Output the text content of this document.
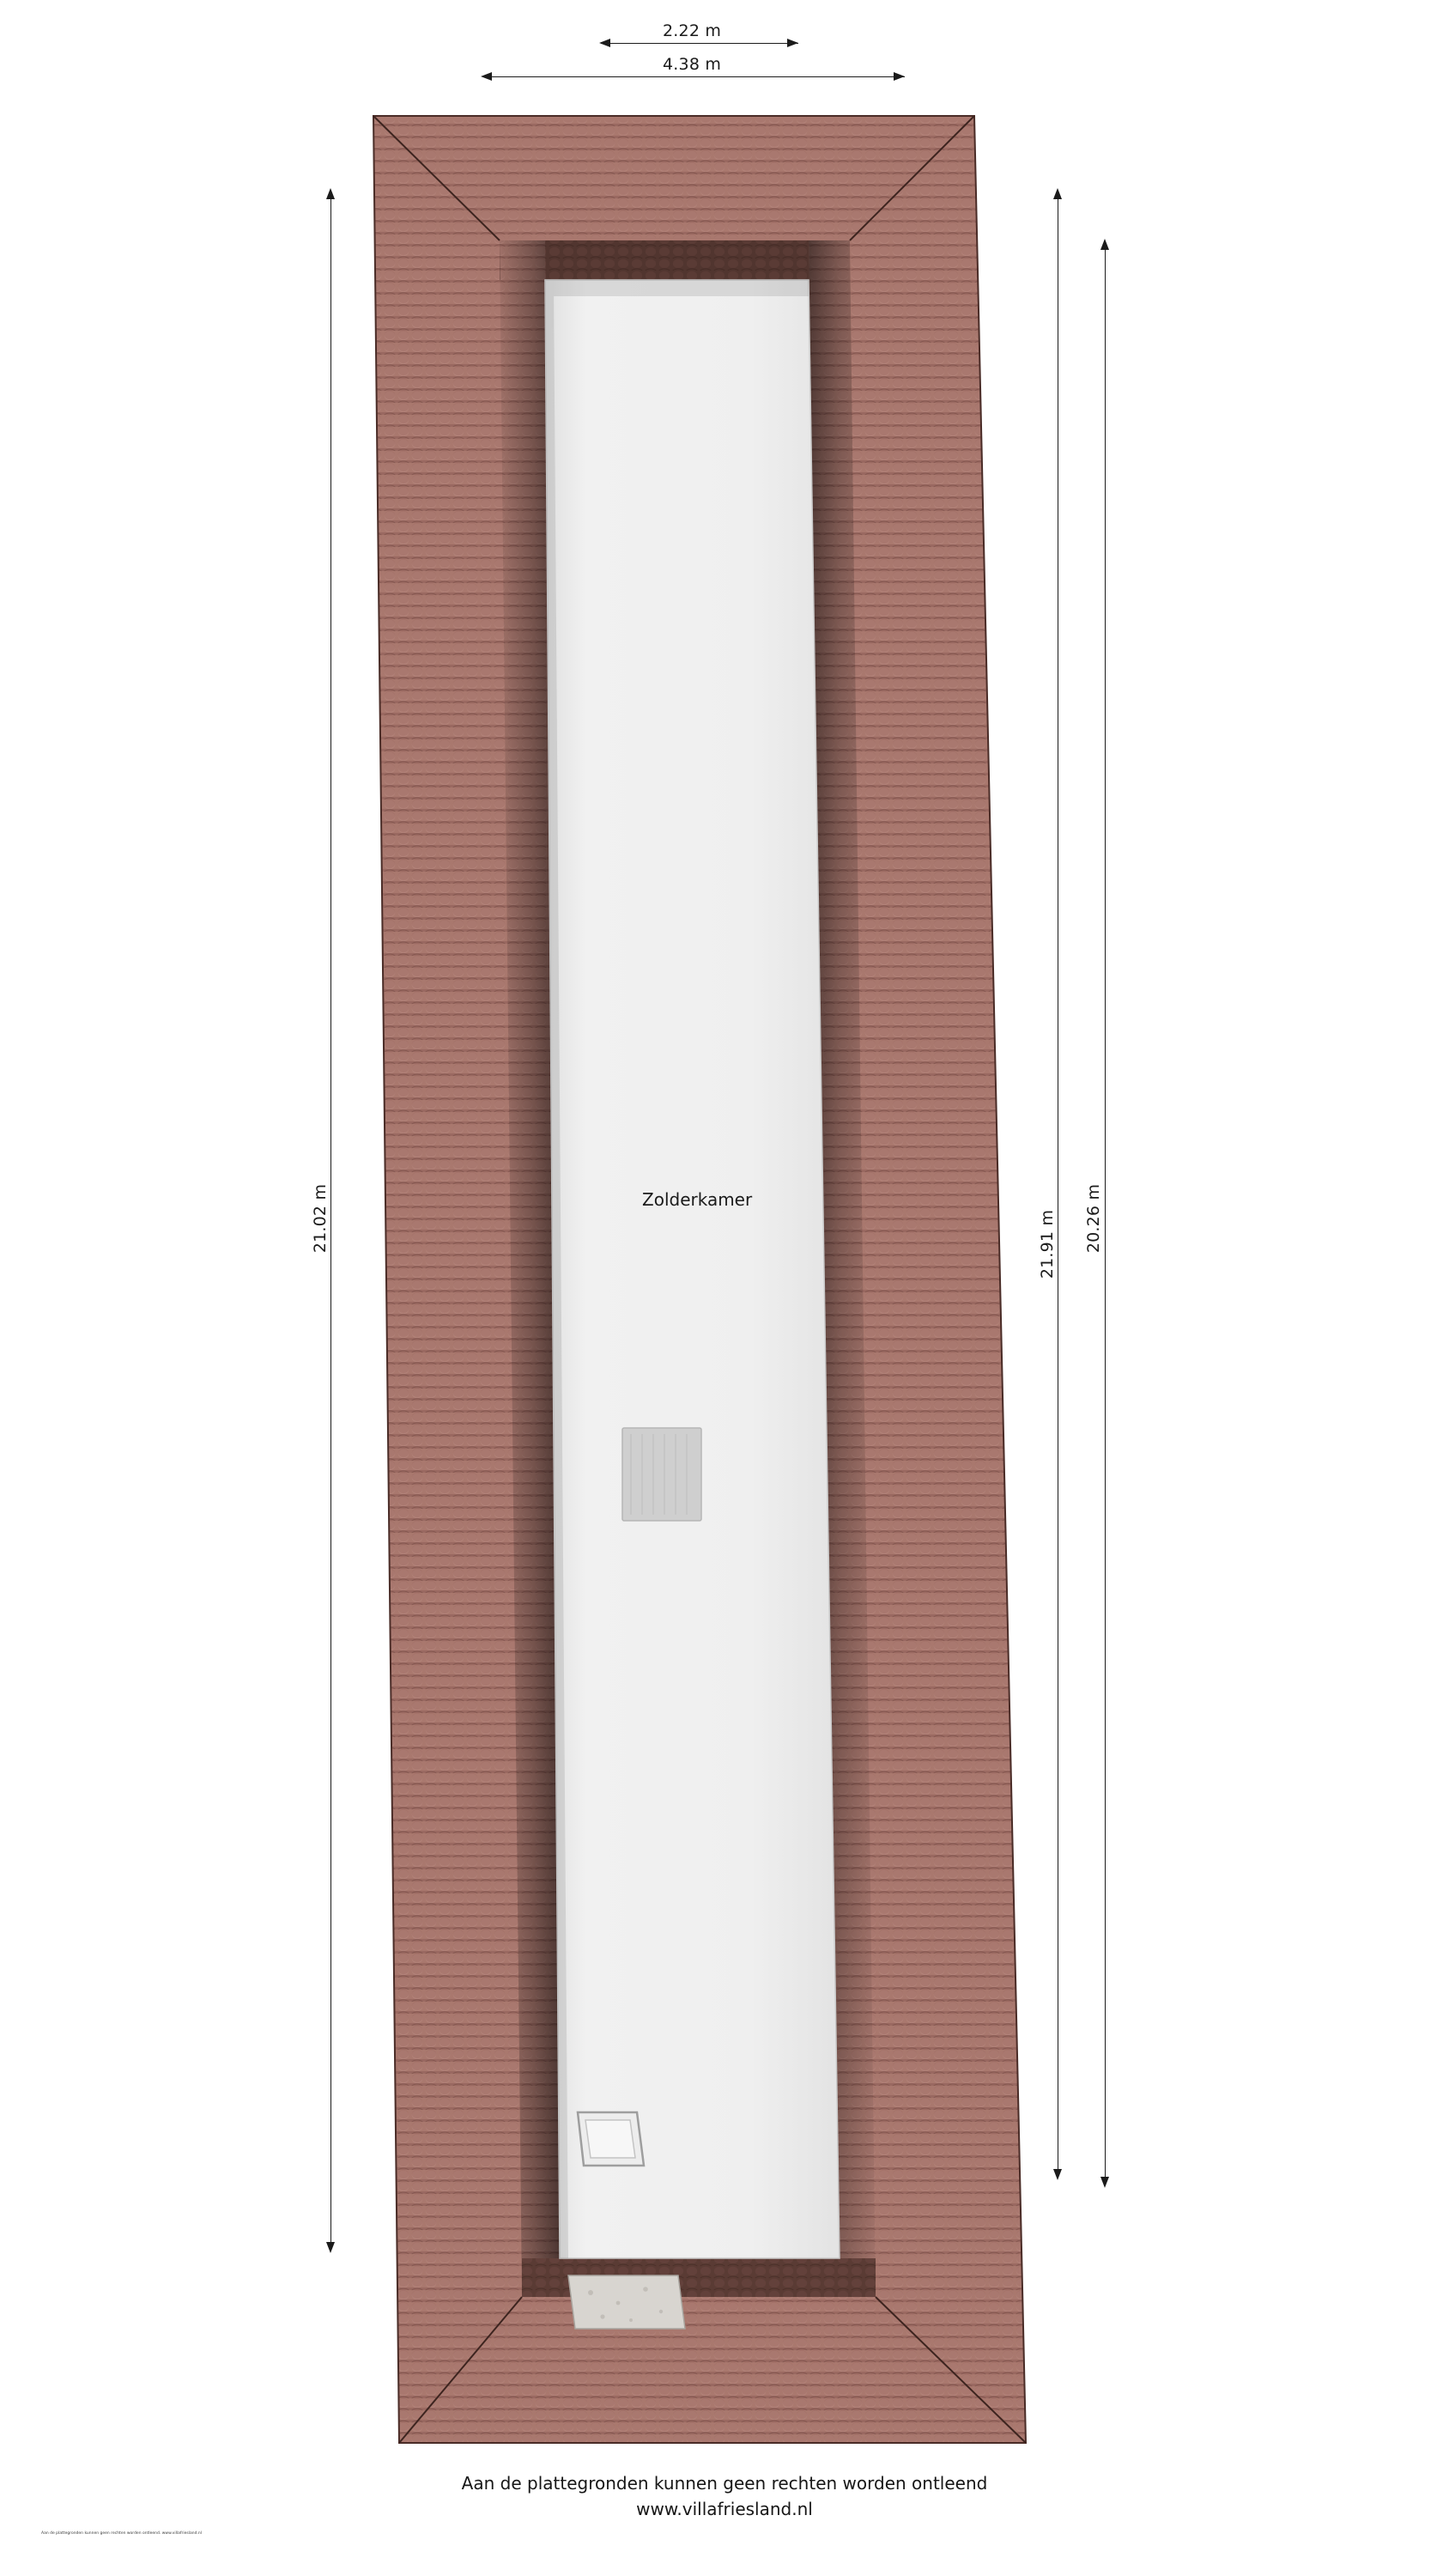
2.22 m
4.38 m
21.02 m	21.91 m 20.26 m
Zolderkamer
Aan de plattegronden kunnen geen rechten worden ontleend
www.villafriesland.nl
Aan de plattegronden kunnen geen rechten worden ontleend. www.villafriesland.nl
